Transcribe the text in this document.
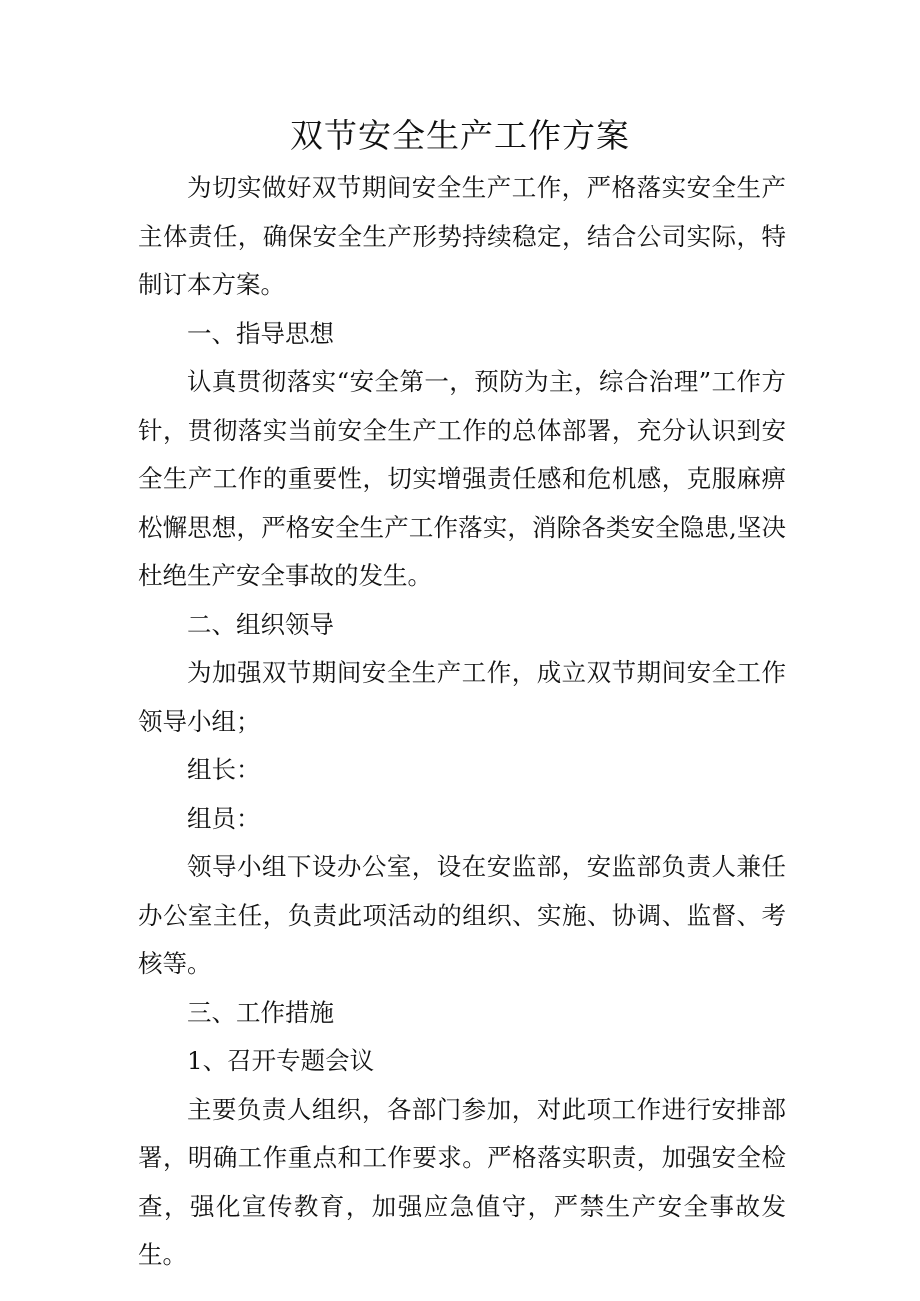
双节安全生产工作方案

为切实做好双节期间安全生产工作，严格落实安全生产主体责任，确保安全生产形势持续稳定，结合公司实际，特制订本方案。

一、指导思想

认真贯彻落实“安全第一，预防为主，综合治理”工作方针，贯彻落实当前安全生产工作的总体部署，充分认识到安全生产工作的重要性，切实增强责任感和危机感，克服麻痹松懈思想，严格安全生产工作落实，消除各类安全隐患,坚决杜绝生产安全事故的发生。

二、组织领导

为加强双节期间安全生产工作，成立双节期间安全工作领导小组；

组长：

组员：

领导小组下设办公室，设在安监部，安监部负责人兼任办公室主任，负责此项活动的组织、实施、协调、监督、考核等。

三、工作措施

1、召开专题会议

主要负责人组织，各部门参加，对此项工作进行安排部署，明确工作重点和工作要求。严格落实职责，加强安全检查，强化宣传教育，加强应急值守，严禁生产安全事故发生。
